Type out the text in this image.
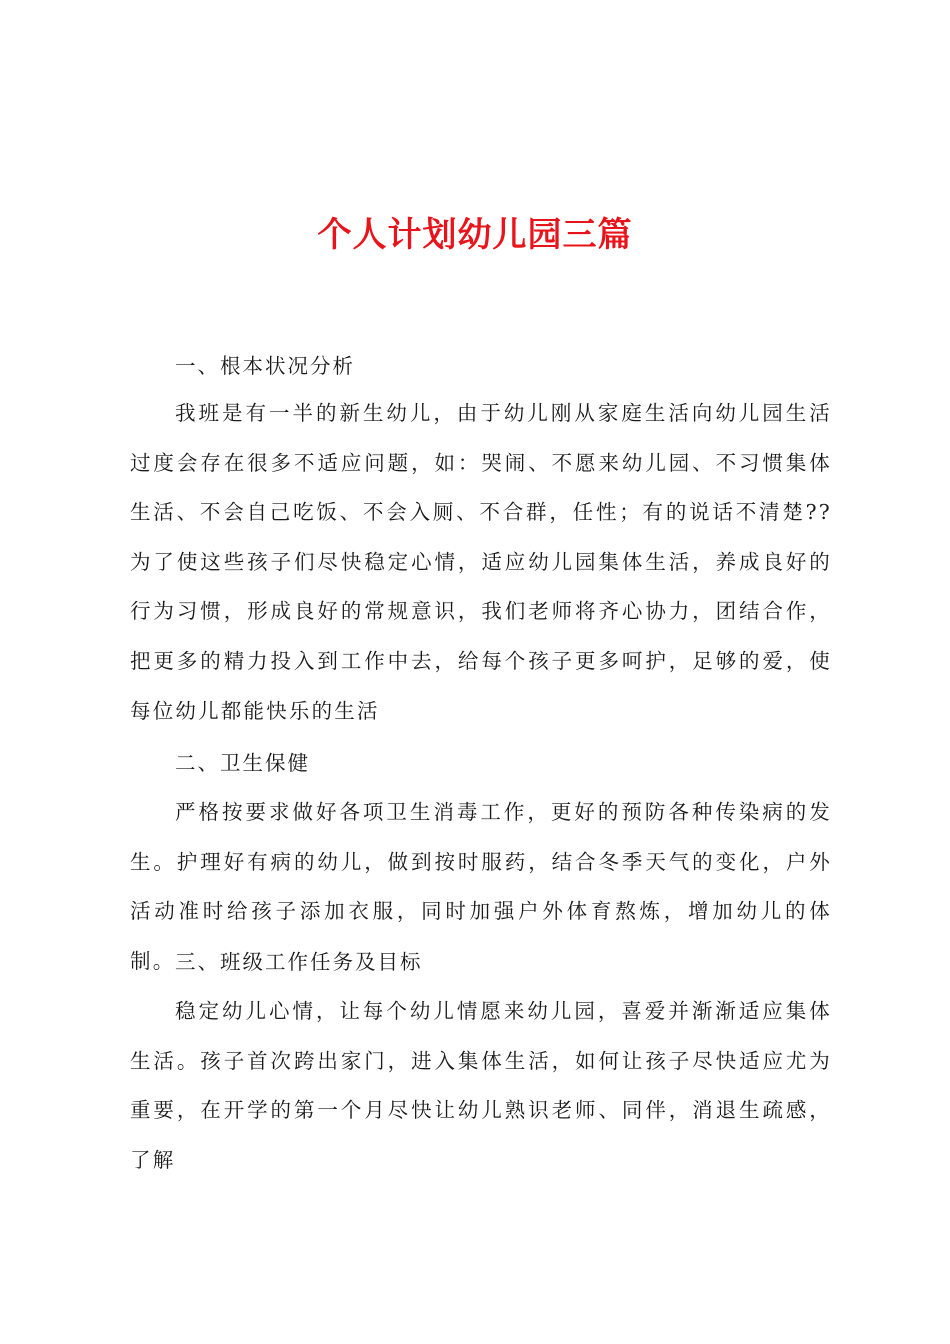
个人计划幼儿园三篇
一、根本状况分析

我班是有一半的新生幼儿，由于幼儿刚从家庭生活向幼儿园生活过度会存在很多不适应问题，如：哭闹、不愿来幼儿园、不习惯集体生活、不会自己吃饭、不会入厕、不合群，任性；有的说话不清楚??为了使这些孩子们尽快稳定心情，适应幼儿园集体生活，养成良好的行为习惯，形成良好的常规意识，我们老师将齐心协力，团结合作，把更多的精力投入到工作中去，给每个孩子更多呵护，足够的爱，使每位幼儿都能快乐的生活

二、卫生保健

严格按要求做好各项卫生消毒工作，更好的预防各种传染病的发生。护理好有病的幼儿，做到按时服药，结合冬季天气的变化，户外活动准时给孩子添加衣服，同时加强户外体育熬炼，增加幼儿的体制。 三、班级工作任务及目标

稳定幼儿心情，让每个幼儿情愿来幼儿园，喜爱并渐渐适应集体生活。孩子首次跨出家门，进入集体生活，如何让孩子尽快适应尤为重要，在开学的第一个月尽快让幼儿熟识老师、同伴，消退生疏感，了解
